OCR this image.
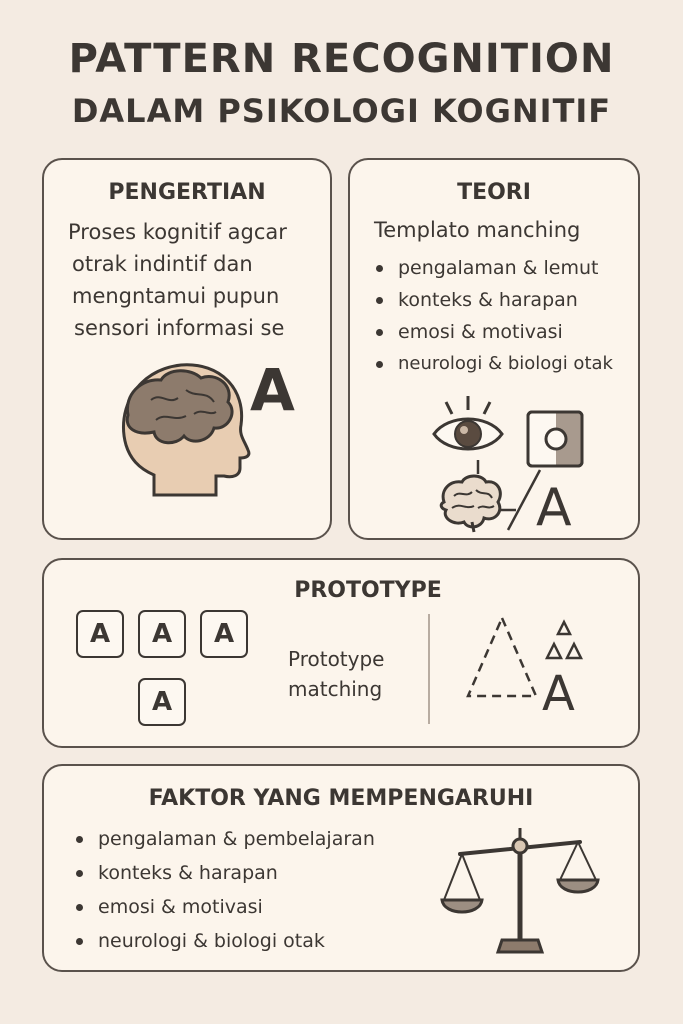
PATTERN RECOGNITION
DALAM PSIKOLOGI KOGNITIF
PENGERTIAN
Proses kognitif agcar
otrak indintif dan
mengntamui pupun
sensori informasi se
A
TEORI
Templato manching
pengalaman & lemut
konteks & harapan
emosi & motivasi
neurologi & biologi otak
A
PROTOTYPE
A	A	A
A
Prototype
matching	A
FAKTOR YANG MEMPENGARUHI
pengalaman & pembelajaran
konteks & harapan
emosi & motivasi
neurologi & biologi otak
